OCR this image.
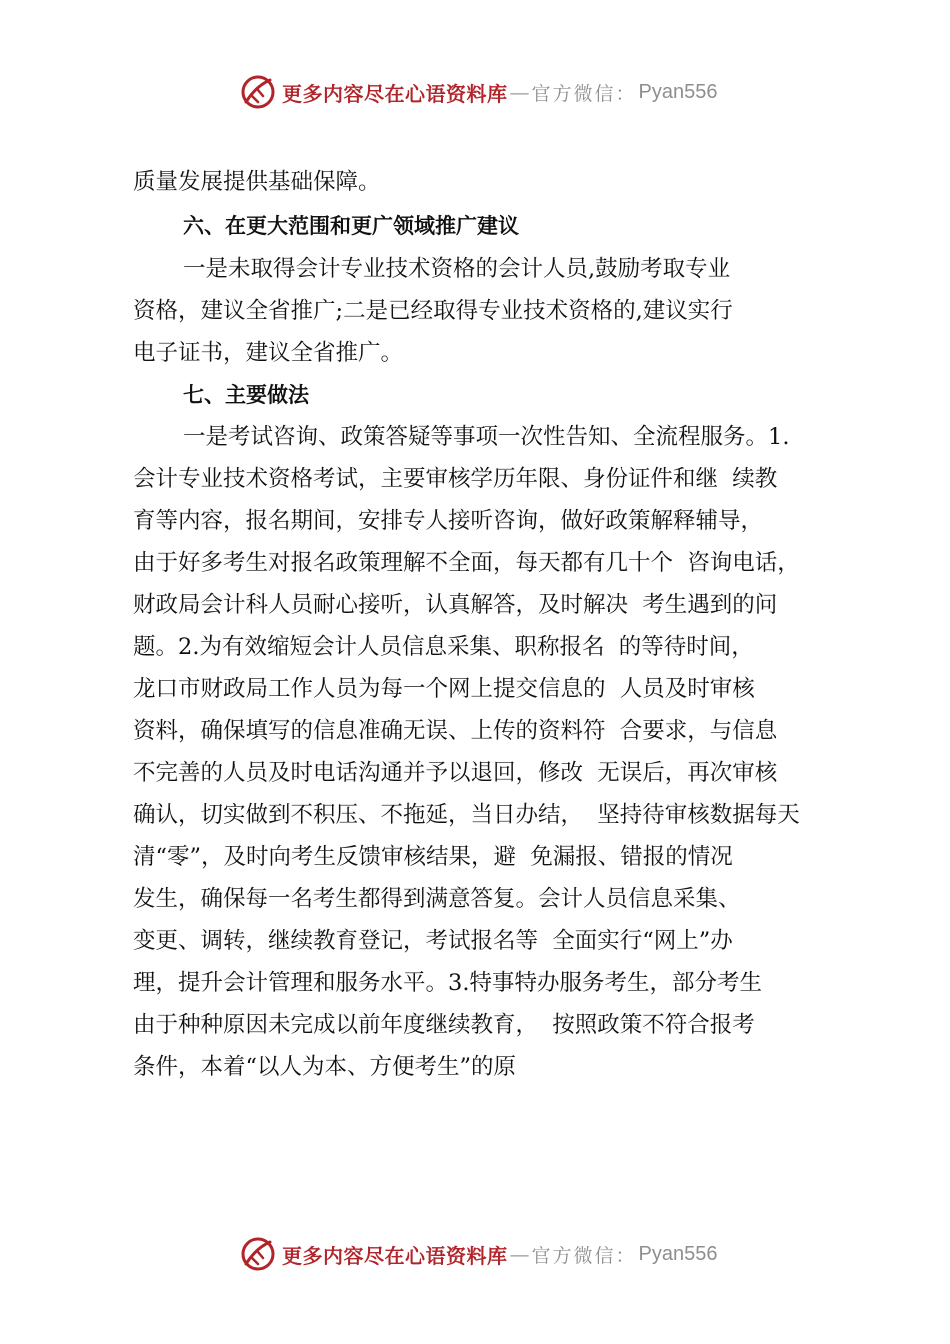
更多内容尽在心语资料库 — 官方微信： Pyan556
质量发展提供基础保障。
六、在更大范围和更广领域推广建议
一是未取得会计专业技术资格的会计人员,鼓励考取专业
资格，建议全省推广;二是已经取得专业技术资格的,建议实行
电子证书，建议全省推广。
七、主要做法
一是考试咨询、政策答疑等事项一次性告知、全流程服务。1.
会计专业技术资格考试，主要审核学历年限、身份证件和继  续教
育等内容，报名期间，安排专人接听咨询，做好政策解释辅导，
由于好多考生对报名政策理解不全面，每天都有几十个  咨询电话，
财政局会计科人员耐心接听，认真解答，及时解决  考生遇到的问
题。2.为有效缩短会计人员信息采集、职称报名  的等待时间，
龙口市财政局工作人员为每一个网上提交信息的  人员及时审核
资料，确保填写的信息准确无误、上传的资料符  合要求，与信息
不完善的人员及时电话沟通并予以退回，修改  无误后，再次审核
确认，切实做到不积压、不拖延，当日办结，  坚持待审核数据每天
清“零”，及时向考生反馈审核结果，避  免漏报、错报的情况
发生，确保每一名考生都得到满意答复。会计人员信息采集、
变更、调转，继续教育登记，考试报名等  全面实行“网上”办
理，提升会计管理和服务水平。3.特事特办服务考生，部分考生
由于种种原因未完成以前年度继续教育，  按照政策不符合报考
条件，本着“以人为本、方便考生”的原
更多内容尽在心语资料库 — 官方微信： Pyan556
